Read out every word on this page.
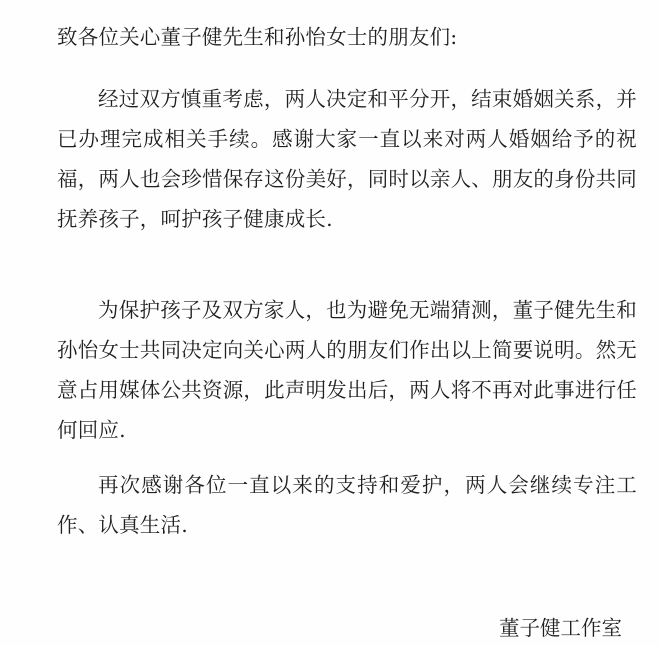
致各位关心董子健先生和孙怡女士的朋友们:

经过双方慎重考虑，两人决定和平分开，结束婚姻关系，并已办理完成相关手续。感谢大家一直以来对两人婚姻给予的祝福，两人也会珍惜保存这份美好，同时以亲人、朋友的身份共同抚养孩子，呵护孩子健康成长.

为保护孩子及双方家人，也为避免无端猜测，董子健先生和孙怡女士共同决定向关心两人的朋友们作出以上简要说明。然无意占用媒体公共资源，此声明发出后，两人将不再对此事进行任何回应.

再次感谢各位一直以来的支持和爱护，两人会继续专注工作、认真生活.

董子健工作室
